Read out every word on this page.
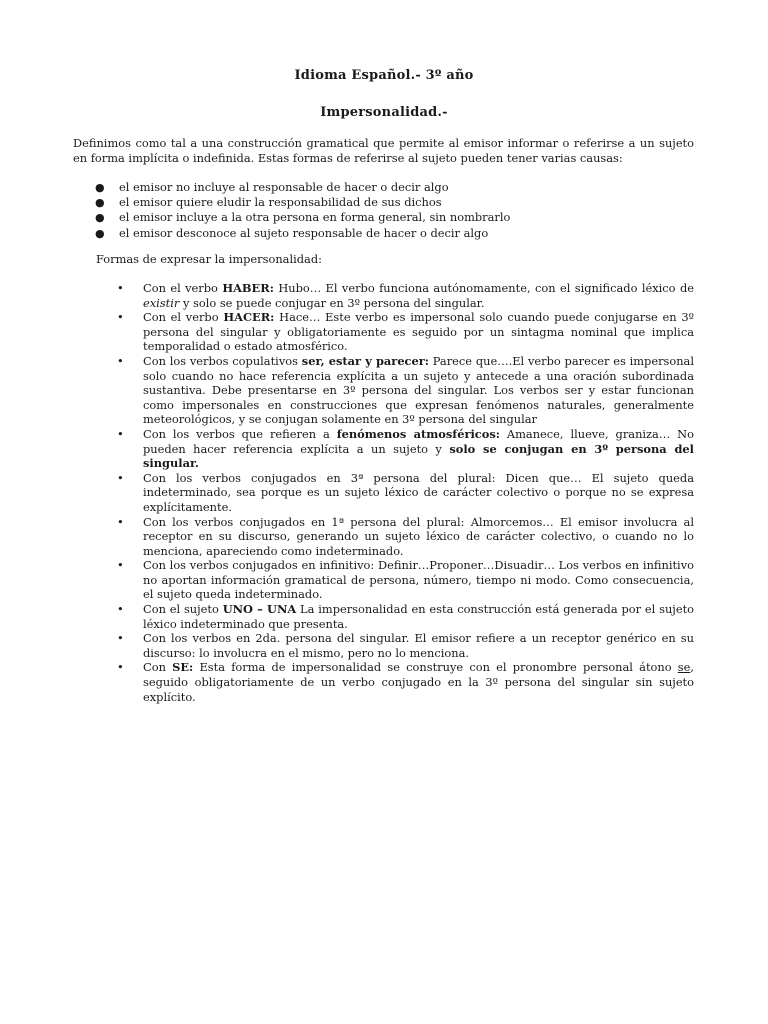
Idioma Español.- 3º año
Impersonalidad.-
Definimos como tal a una construcción gramatical que permite al emisor informar o referirse a un sujeto en forma implícita o indefinida. Estas formas de referirse al sujeto pueden tener varias causas:
● el emisor no incluye al responsable de hacer o decir algo
● el emisor quiere eludir la responsabilidad de sus dichos
● el emisor incluye a la otra persona en forma general, sin nombrarlo
● el emisor desconoce al sujeto responsable de hacer o decir algo
Formas de expresar la impersonalidad:
• Con el verbo HABER: Hubo… El verbo funciona autónomamente, con el significado léxico de existir y solo se puede conjugar en 3º persona del singular.
• Con el verbo HACER: Hace… Este verbo es impersonal solo cuando puede conjugarse en 3º persona del singular y obligatoriamente es seguido por un sintagma nominal que implica temporalidad o estado atmosférico.
• Con los verbos copulativos ser, estar y parecer: Parece que….El verbo parecer es impersonal solo cuando no hace referencia explícita a un sujeto y antecede a una oración subordinada sustantiva. Debe presentarse en 3º persona del singular. Los verbos ser y estar funcionan como impersonales en construcciones que expresan fenómenos naturales, generalmente meteorológicos, y se conjugan solamente en 3º persona del singular
• Con los verbos que refieren a fenómenos atmosféricos: Amanece, llueve, graniza… No pueden hacer referencia explícita a un sujeto y solo se conjugan en 3º persona del singular.
• Con los verbos conjugados en 3ª persona del plural: Dicen que… El sujeto queda indeterminado, sea porque es un sujeto léxico de carácter colectivo o porque no se expresa explícitamente.
• Con los verbos conjugados en 1ª persona del plural: Almorcemos… El emisor involucra al receptor en su discurso, generando un sujeto léxico de carácter colectivo, o cuando no lo menciona, apareciendo como indeterminado.
• Con los verbos conjugados en infinitivo: Definir…Proponer…Disuadir… Los verbos en infinitivo no aportan información gramatical de persona, número, tiempo ni modo. Como consecuencia, el sujeto queda indeterminado.
• Con el sujeto UNO – UNA La impersonalidad en esta construcción está generada por el sujeto léxico indeterminado que presenta.
• Con los verbos en 2da. persona del singular. El emisor refiere a un receptor genérico en su discurso: lo involucra en el mismo, pero no lo menciona.
• Con SE: Esta forma de impersonalidad se construye con el pronombre personal átono se, seguido obligatoriamente de un verbo conjugado en la 3º persona del singular sin sujeto explícito.
